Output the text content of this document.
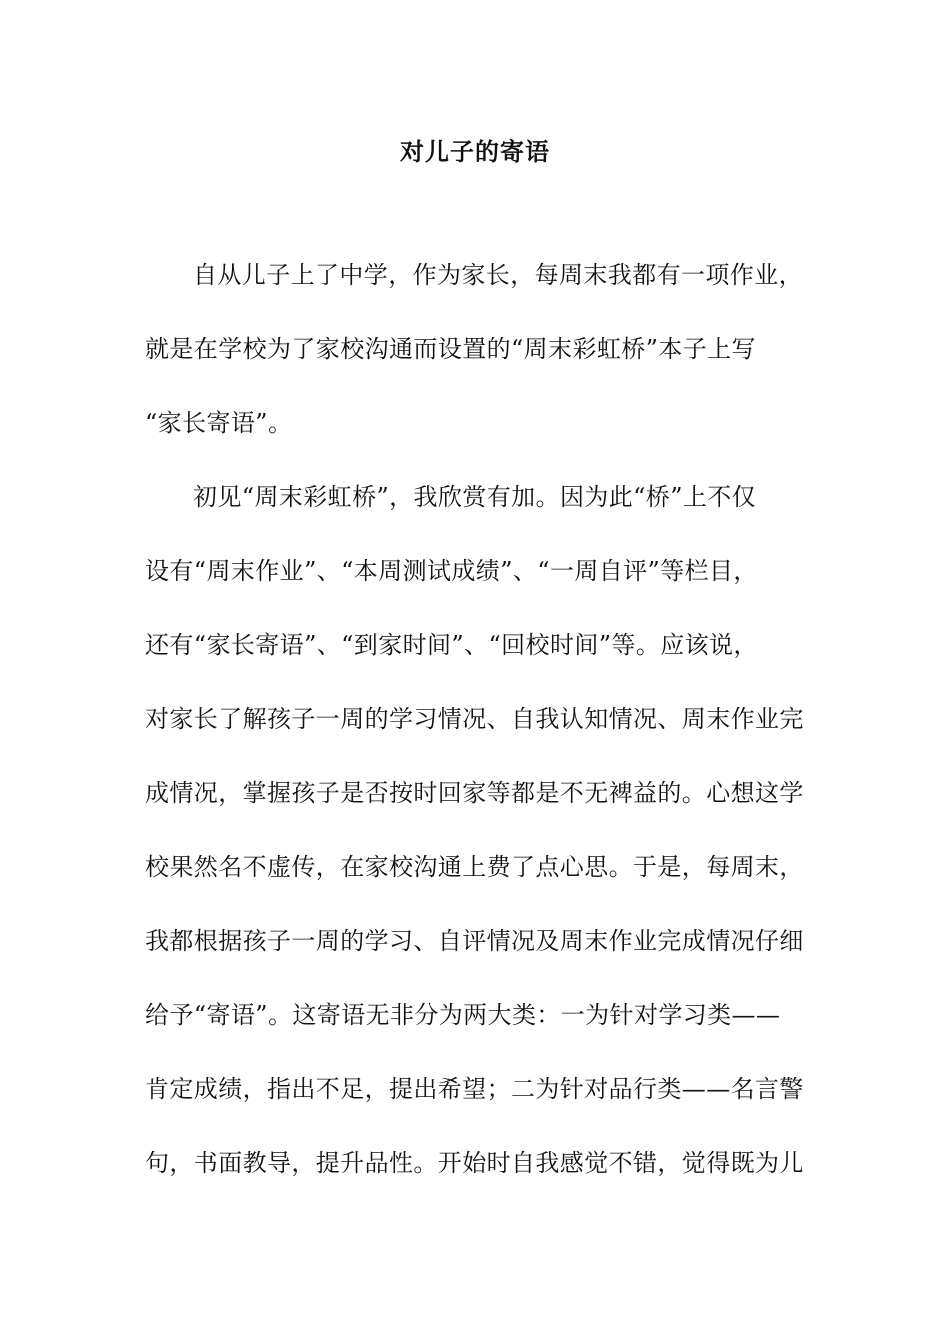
对儿子的寄语
自从儿子上了中学，作为家长，每周末我都有一项作业，
就是在学校为了家校沟通而设置的“周末彩虹桥”本子上写
“家长寄语”。
初见“周末彩虹桥”，我欣赏有加。因为此“桥”上不仅
设有“周末作业”、“本周测试成绩”、“一周自评”等栏目，
还有“家长寄语”、“到家时间”、“回校时间”等。应该说，
对家长了解孩子一周的学习情况、自我认知情况、周末作业完
成情况，掌握孩子是否按时回家等都是不无裨益的。心想这学
校果然名不虚传，在家校沟通上费了点心思。于是，每周末，
我都根据孩子一周的学习、自评情况及周末作业完成情况仔细
给予“寄语”。这寄语无非分为两大类：一为针对学习类——
肯定成绩，指出不足，提出希望；二为针对品行类——名言警
句，书面教导，提升品性。开始时自我感觉不错，觉得既为儿
